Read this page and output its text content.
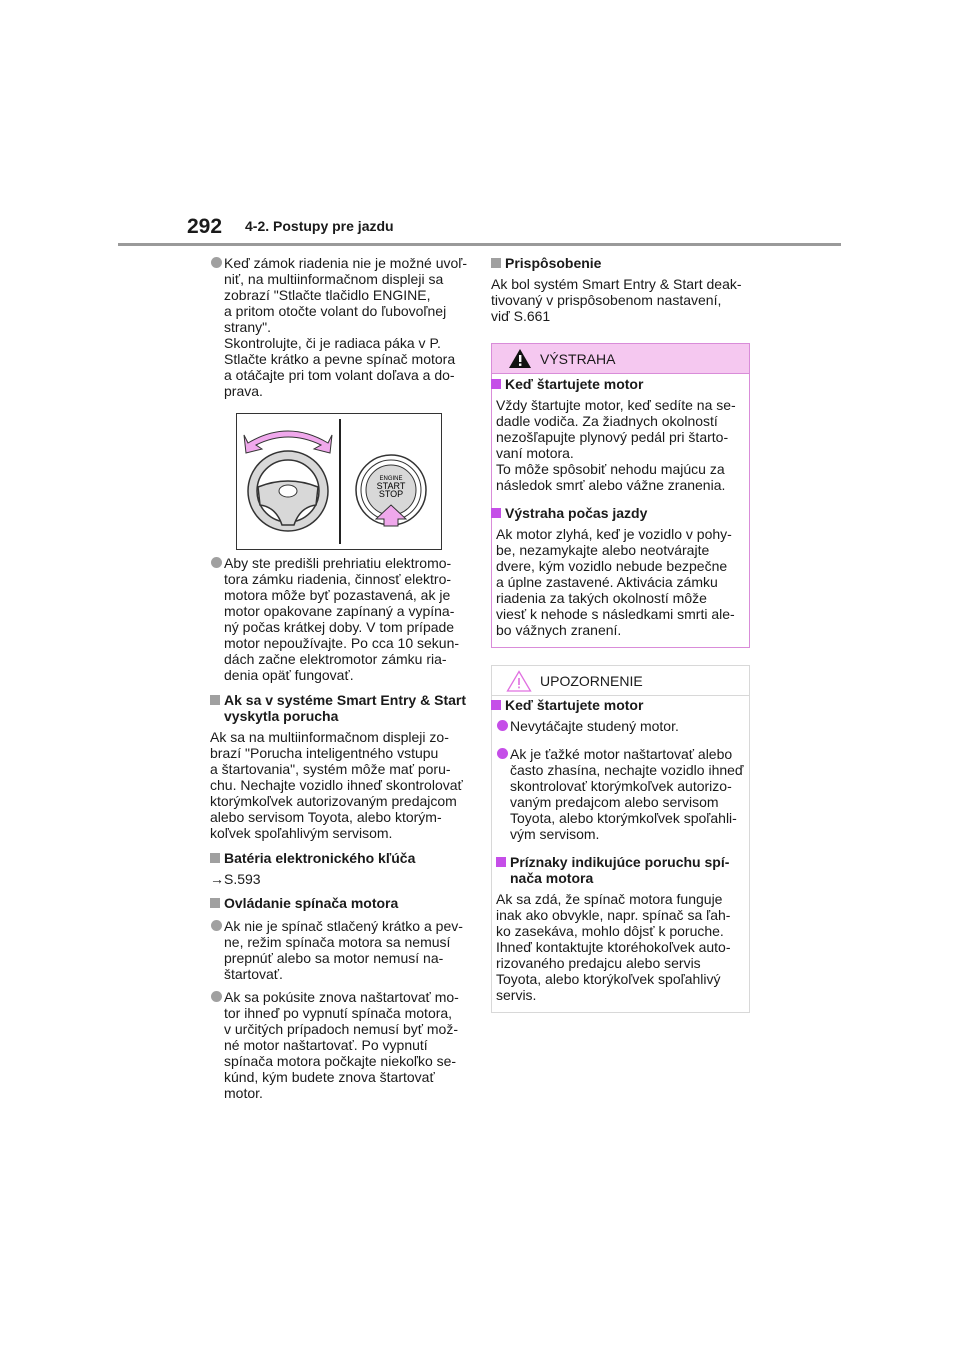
292 4-2. Postupy pre jazdu
Keď zámok riadenia nie je možné uvoľ-
niť, na multiinformačnom displeji sa
zobrazí "Stlačte tlačidlo ENGINE,
a pritom otočte volant do ľubovoľnej
strany".
Skontrolujte, či je radiaca páka v P.
Stlačte krátko a pevne spínač motora
a otáčajte pri tom volant doľava a do-
prava.
ENGINE
START
STOP
Aby ste predišli prehriatiu elektromo-
tora zámku riadenia, činnosť elektro-
motora môže byť pozastavená, ak je
motor opakovane zapínaný a vypína-
ný počas krátkej doby. V tom prípade
motor nepoužívajte. Po cca 10 sekun-
dách začne elektromotor zámku ria-
denia opäť fungovať.
Ak sa v systéme Smart Entry & Start
vyskytla porucha
Ak sa na multiinformačnom displeji zo-
brazí "Porucha inteligentného vstupu
a štartovania", systém môže mať poru-
chu. Nechajte vozidlo ihneď skontrolovať
ktorýmkoľvek autorizovaným predajcom
alebo servisom Toyota, alebo ktorým-
koľvek spoľahlivým servisom.
Batéria elektronického kľúča
→S.593
Ovládanie spínača motora
Ak nie je spínač stlačený krátko a pev-
ne, režim spínača motora sa nemusí
prepnúť alebo sa motor nemusí na-
štartovať.
Ak sa pokúsite znova naštartovať mo-
tor ihneď po vypnutí spínača motora,
v určitých prípadoch nemusí byť mož-
né motor naštartovať. Po vypnutí
spínača motora počkajte niekoľko se-
kúnd, kým budete znova štartovať
motor.
Prispôsobenie
Ak bol systém Smart Entry & Start deak-
tivovaný v prispôsobenom nastavení,
viď S.661
VÝSTRAHA
Keď štartujete motor
Vždy štartujte motor, keď sedíte na se-
dadle vodiča. Za žiadnych okolností
nezošľapujte plynový pedál pri štarto-
vaní motora.
To môže spôsobiť nehodu majúcu za
následok smrť alebo vážne zranenia.
Výstraha počas jazdy
Ak motor zlyhá, keď je vozidlo v pohy-
be, nezamykajte alebo neotvárajte
dvere, kým vozidlo nebude bezpečne
a úplne zastavené. Aktivácia zámku
riadenia za takých okolností môže
viesť k nehode s následkami smrti ale-
bo vážnych zranení.
UPOZORNENIE
Keď štartujete motor
Nevytáčajte studený motor.
Ak je ťažké motor naštartovať alebo
často zhasína, nechajte vozidlo ihneď
skontrolovať ktorýmkoľvek autorizo-
vaným predajcom alebo servisom
Toyota, alebo ktorýmkoľvek spoľahli-
vým servisom.
Príznaky indikujúce poruchu spí-
nača motora
Ak sa zdá, že spínač motora funguje
inak ako obvykle, napr. spínač sa ľah-
ko zasekáva, mohlo dôjsť k poruche.
Ihneď kontaktujte ktoréhokoľvek auto-
rizovaného predajcu alebo servis
Toyota, alebo ktorýkoľvek spoľahlivý
servis.
